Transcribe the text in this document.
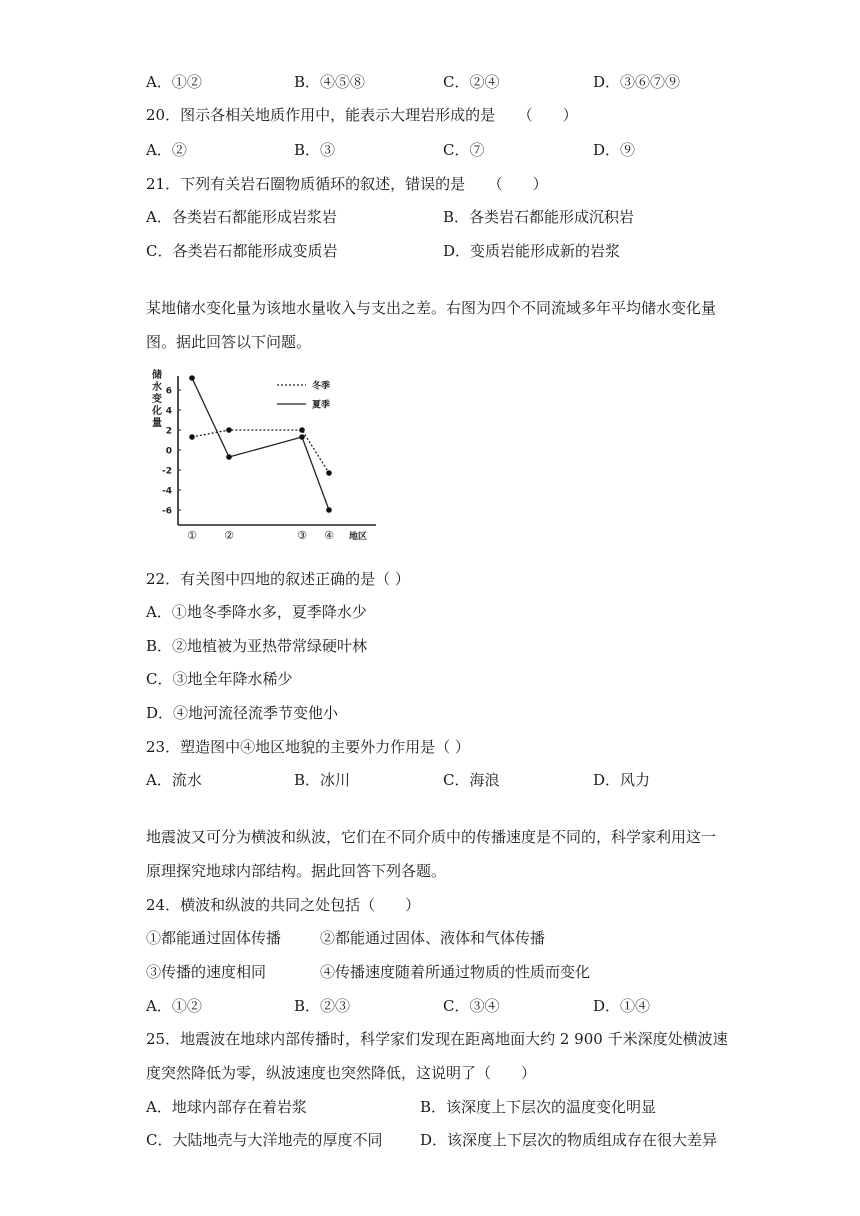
A．①②	B．④⑤⑧	C．②④	D．③⑥⑦⑨
20．图示各相关地质作用中，能表示大理岩形成的是　　（　　）
A．②	B．③	C．⑦	D．⑨
21．下列有关岩石圈物质循环的叙述，错误的是　　（　　）
A．各类岩石都能形成岩浆岩	B．各类岩石都能形成沉积岩
C．各类岩石都能形成变质岩	D．变质岩能形成新的岩浆
某地储水变化量为该地水量收入与支出之差。右图为四个不同流域多年平均储水变化量
图。据此回答以下问题。
储
水
变
化
量
6
4
2
0
-2
-4
-6
① ②	③ ④ 地区
冬季
夏季
22．有关图中四地的叙述正确的是（ ）
A．①地冬季降水多，夏季降水少
B．②地植被为亚热带常绿硬叶林
C．③地全年降水稀少
D．④地河流径流季节变他小
23．塑造图中④地区地貌的主要外力作用是（ ）
A．流水	B．冰川	C．海浪	D．风力
地震波又可分为横波和纵波，它们在不同介质中的传播速度是不同的，科学家利用这一
原理探究地球内部结构。据此回答下列各题。
24．横波和纵波的共同之处包括（　　）
①都能通过固体传播	②都能通过固体、液体和气体传播
③传播的速度相同	④传播速度随着所通过物质的性质而变化
A．①②	B．②③	C．③④	D．①④
25．地震波在地球内部传播时，科学家们发现在距离地面大约 2 900 千米深度处横波速
度突然降低为零，纵波速度也突然降低，这说明了（　　）
A．地球内部存在着岩浆	B．该深度上下层次的温度变化明显
C．大陆地壳与大洋地壳的厚度不同	D．该深度上下层次的物质组成存在很大差异
